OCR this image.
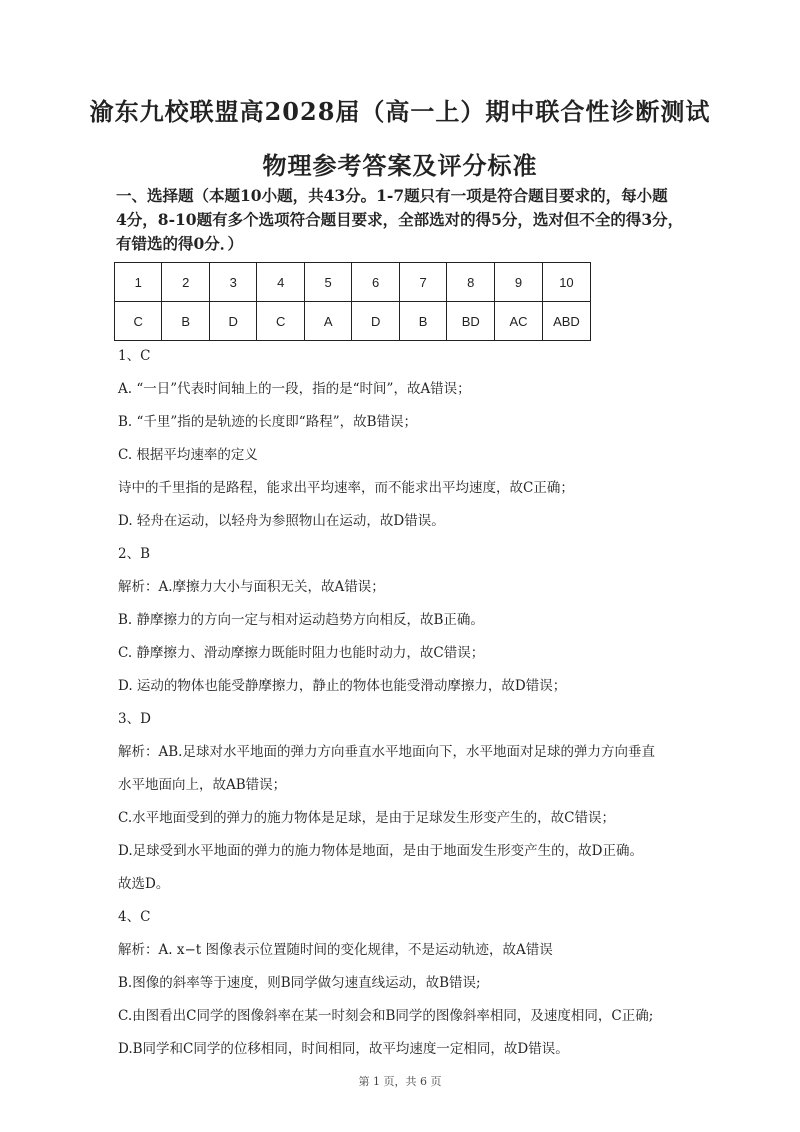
渝东九校联盟高2028届（高一上）期中联合性诊断测试
物理参考答案及评分标准
一、选择题（本题10小题，共43分。1-7题只有一项是符合题目要求的，每小题
4分，8-10题有多个选项符合题目要求，全部选对的得5分，选对但不全的得3分，
有错选的得0分．）
1	2	3	4	5	6	7	8	9	10
C	B	D	C	A	D	B	BD	AC	ABD

1、C

A. “一日”代表时间轴上的一段，指的是“时间”，故A错误；

B. “千里”指的是轨迹的长度即“路程”，故B错误；

C. 根据平均速率的定义

诗中的千里指的是路程，能求出平均速率，而不能求出平均速度，故C正确；

D. 轻舟在运动，以轻舟为参照物山在运动，故D错误。

2、B

解析：A.摩擦力大小与面积无关，故A错误；

B. 静摩擦力的方向一定与相对运动趋势方向相反，故B正确。

C. 静摩擦力、滑动摩擦力既能时阻力也能时动力，故C错误；

D. 运动的物体也能受静摩擦力，静止的物体也能受滑动摩擦力，故D错误；

3、D

解析：AB.足球对水平地面的弹力方向垂直水平地面向下，水平地面对足球的弹力方向垂直

水平地面向上，故AB错误；

C.水平地面受到的弹力的施力物体是足球，是由于足球发生形变产生的，故C错误；

D.足球受到水平地面的弹力的施力物体是地面，是由于地面发生形变产生的，故D正确。

故选D。

4、C

解析：A. x−t 图像表示位置随时间的变化规律，不是运动轨迹，故A错误

B.图像的斜率等于速度，则B同学做匀速直线运动，故B错误;

C.由图看出C同学的图像斜率在某一时刻会和B同学的图像斜率相同，及速度相同，C正确;

D.B同学和C同学的位移相同，时间相同，故平均速度一定相同，故D错误。

第 1 页，共 6 页
